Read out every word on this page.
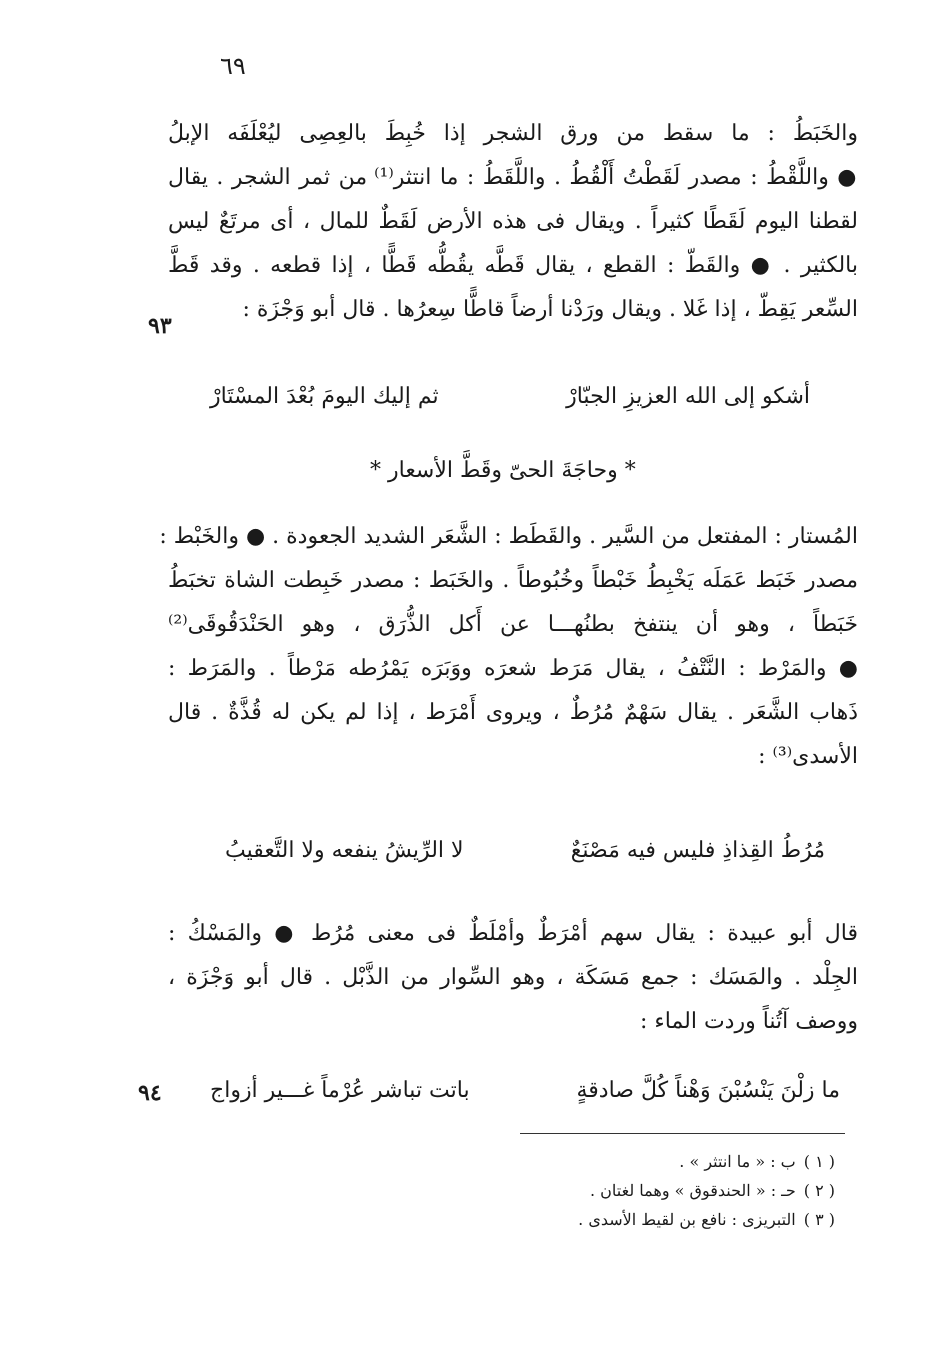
٦٩
والخَبَطُ : ما سقط من ورق الشجر إذا خُبِطَ بالعِصِى ليُعْلَفَه الإبلُ
● واللَّقْطُ : مصدر لَقَطْتُ أَلْقُطُ . واللَّقَطُ : ما انتثر⁽¹⁾ من ثمر الشجر . يقال
لقطنا اليوم لَقَطًا كثيراً . ويقال فى هذه الأرض لَقَطٌ للمال ، أى مرتَعٌ ليس
بالكثير . ● والقَطّ : القطع ، يقال قَطَّه يقُطُّه قَطًّا ، إذا قطعه . وقد قَطَّ
السِّعر يَقِطّ ، إذا غَلا . ويقال ورَدْنا أرضاً قاطًّا سِعرُها . قال أبو وَجْزَة :
٩٣
أشكو إلى الله العزيزِ الجبّارْ
ثم إليك اليومَ بُعْدَ المسْتَارْ
* وحاجَةَ الحىّ وقَطَّ الأسعار *
المُستار : المفتعل من السَّير . والقَطَط : الشَّعَر الشديد الجعودة . ● والخَبْط :
مصدر خَبَط عَمَلَه يَخْبِطُ خَبْطاً وخُبُوطاً . والخَبَط : مصدر خَبِطت الشاة تخبَطُ
خَبَطاً ، وهو أن ينتفخ بطنُهـــا عن أَكل الذُّرَق ، وهو الحَنْدَقُوقَى⁽²⁾
● والمَرْط : النَّتْفُ ، يقال مَرَط شعرَه ووَبَرَه يَمْرُطه مَرْطاً . والمَرَط :
ذَهاب الشَّعَر . يقال سَهْمٌ مُرُطٌ ، ويروى أَمْرَط ، إذا لم يكن له قُذَّةٌ . قال
الأسدى⁽³⁾ :
مُرُطُ القِذاذِ فليس فيه مَصْنَعٌ
لا الرِّيشُ ينفعه ولا التَّعقيبُ
قال أبو عبيدة : يقال سهم أمْرَطٌ وأمْلَطٌ فى معنى مُرُط ● والمَسْكُ :
الجِلْد . والمَسَك : جمع مَسَكَة ، وهو السِّوار من الذَّبْل . قال أبو وَجْزَة ،
ووصف آتُناً وردت الماء :
ما زلْنَ يَنْسُبْنَ وَهْناً كُلَّ صادقةٍ
باتت تباشر عُرْماً غـــير أزواج
٩٤
( ١ )ب : « ما انتثر » .
( ٢ )حـ : « الحندقوق » وهما لغتان .
( ٣ )التبريزى : نافع بن لقيط الأسدى .
